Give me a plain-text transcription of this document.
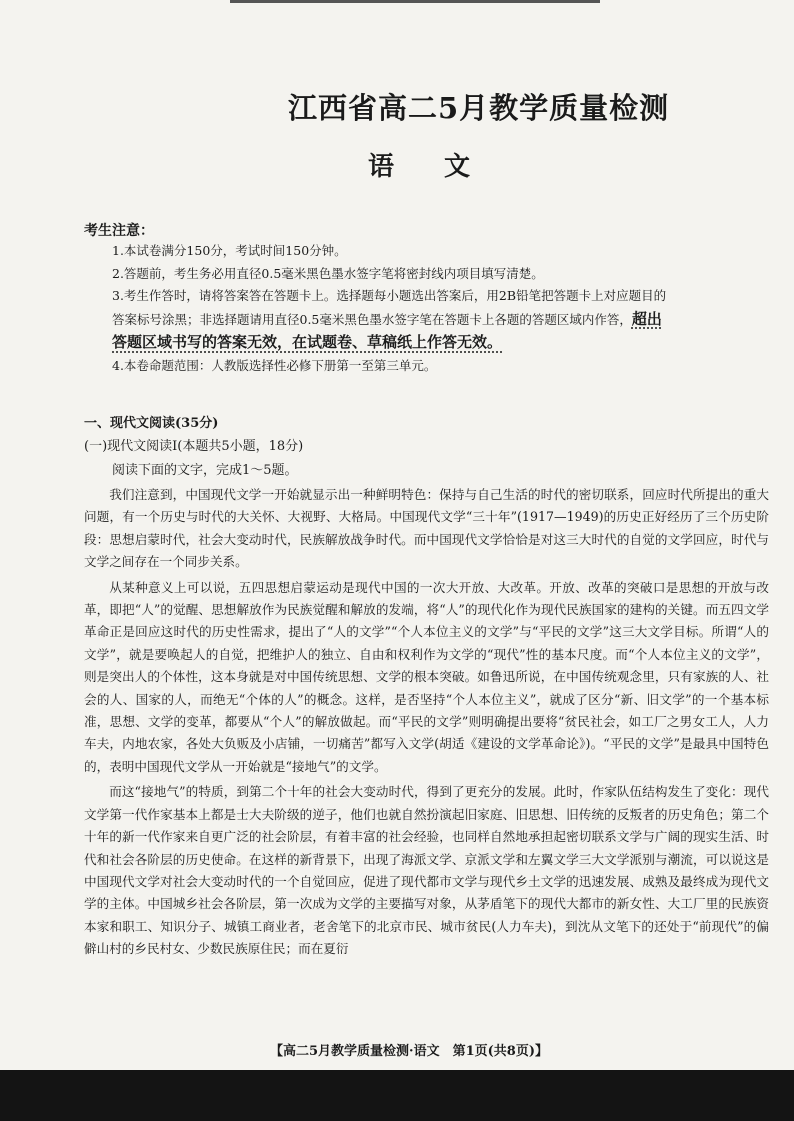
江西省高二5月教学质量检测
语文
考生注意：
1.本试卷满分150分，考试时间150分钟。
2.答题前，考生务必用直径0.5毫米黑色墨水签字笔将密封线内项目填写清楚。
3.考生作答时，请将答案答在答题卡上。选择题每小题选出答案后，用2B铅笔把答题卡上对应题目的答案标号涂黑；非选择题请用直径0.5毫米黑色墨水签字笔在答题卡上各题的答题区域内作答，超出答题区域书写的答案无效，在试题卷、草稿纸上作答无效。
4.本卷命题范围：人教版选择性必修下册第一至第三单元。
一、现代文阅读(35分)
(一)现代文阅读Ⅰ(本题共5小题，18分)
阅读下面的文字，完成1～5题。

我们注意到，中国现代文学一开始就显示出一种鲜明特色：保持与自己生活的时代的密切联系，回应时代所提出的重大问题，有一个历史与时代的大关怀、大视野、大格局。中国现代文学“三十年”(1917—1949)的历史正好经历了三个历史阶段：思想启蒙时代，社会大变动时代，民族解放战争时代。而中国现代文学恰恰是对这三大时代的自觉的文学回应，时代与文学之间存在一个同步关系。

从某种意义上可以说，五四思想启蒙运动是现代中国的一次大开放、大改革。开放、改革的突破口是思想的开放与改革，即把“人”的觉醒、思想解放作为民族觉醒和解放的发端，将“人”的现代化作为现代民族国家的建构的关键。而五四文学革命正是回应这时代的历史性需求，提出了“人的文学”“个人本位主义的文学”与“平民的文学”这三大文学目标。所谓“人的文学”，就是要唤起人的自觉，把维护人的独立、自由和权利作为文学的“现代”性的基本尺度。而“个人本位主义的文学”，则是突出人的个体性，这本身就是对中国传统思想、文学的根本突破。如鲁迅所说，在中国传统观念里，只有家族的人、社会的人、国家的人，而绝无“个体的人”的概念。这样，是否坚持“个人本位主义”，就成了区分“新、旧文学”的一个基本标准，思想、文学的变革，都要从“个人”的解放做起。而“平民的文学”则明确提出要将“贫民社会，如工厂之男女工人，人力车夫，内地农家，各处大负贩及小店铺，一切痛苦”都写入文学(胡适《建设的文学革命论》)。“平民的文学”是最具中国特色的，表明中国现代文学从一开始就是“接地气”的文学。

而这“接地气”的特质，到第二个十年的社会大变动时代，得到了更充分的发展。此时，作家队伍结构发生了变化：现代文学第一代作家基本上都是士大夫阶级的逆子，他们也就自然扮演起旧家庭、旧思想、旧传统的反叛者的历史角色；第二个十年的新一代作家来自更广泛的社会阶层，有着丰富的社会经验，也同样自然地承担起密切联系文学与广阔的现实生活、时代和社会各阶层的历史使命。在这样的新背景下，出现了海派文学、京派文学和左翼文学三大文学派别与潮流，可以说这是中国现代文学对社会大变动时代的一个自觉回应，促进了现代都市文学与现代乡土文学的迅速发展、成熟及最终成为现代文学的主体。中国城乡社会各阶层，第一次成为文学的主要描写对象，从茅盾笔下的现代大都市的新女性、大工厂里的民族资本家和职工、知识分子、城镇工商业者，老舍笔下的北京市民、城市贫民(人力车夫)，到沈从文笔下的还处于“前现代”的偏僻山村的乡民村女、少数民族原住民；而在夏衍

【高二5月教学质量检测·语文　第1页(共8页)】
